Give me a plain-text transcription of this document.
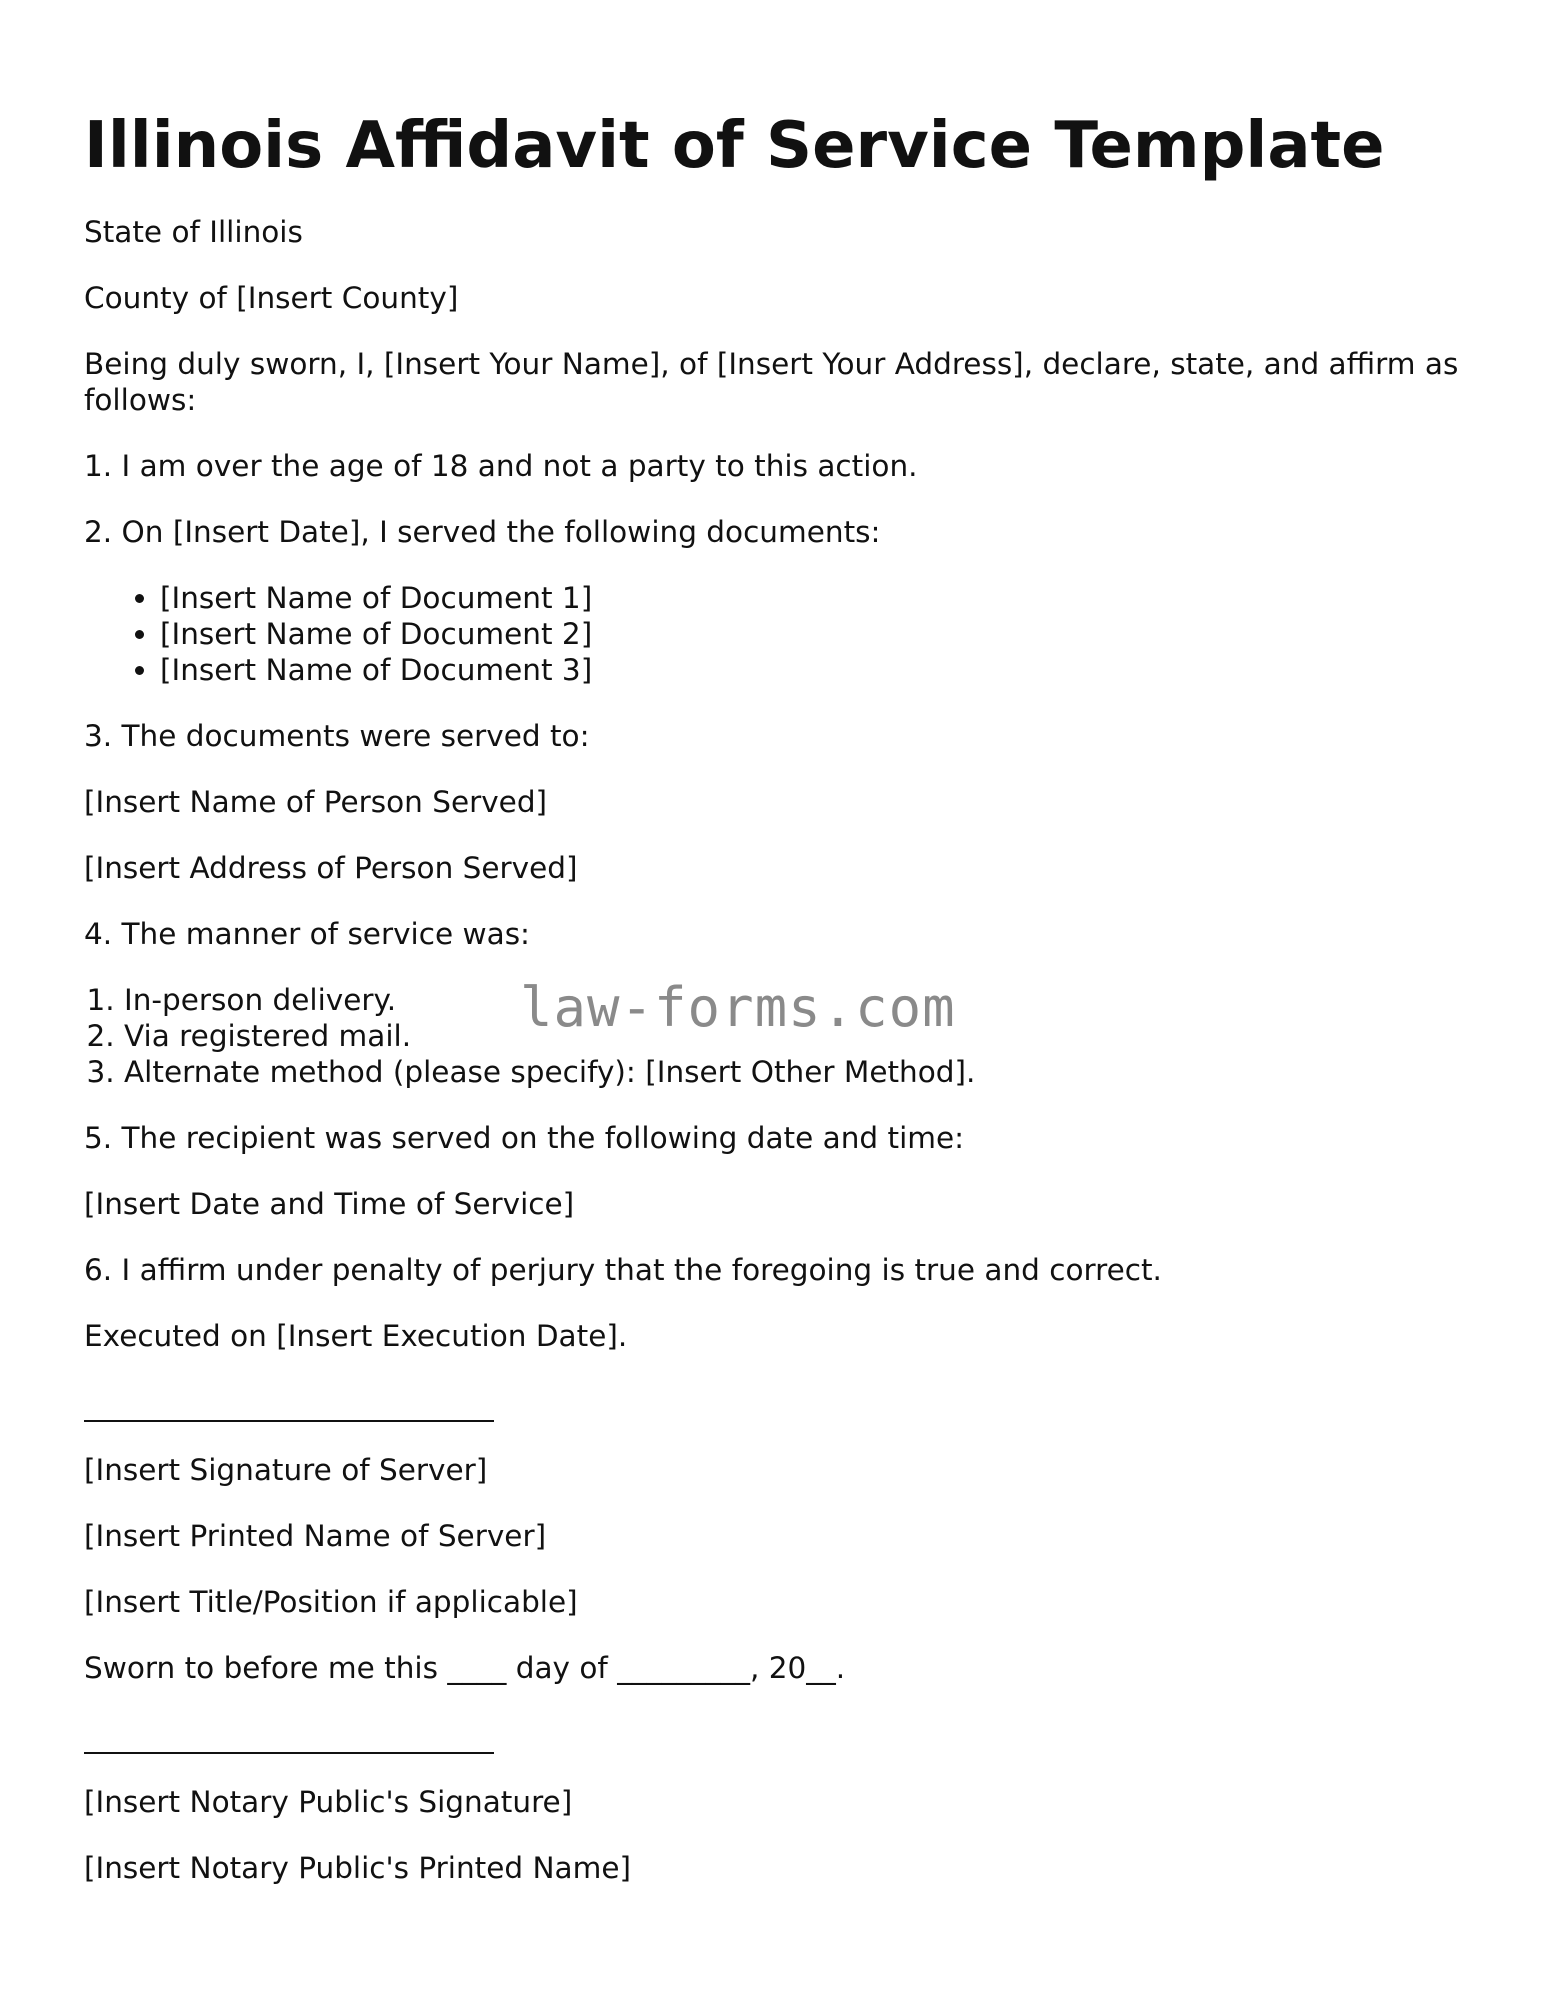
Illinois Affidavit of Service Template

State of Illinois

County of [Insert County]

Being duly sworn, I, [Insert Your Name], of [Insert Your Address], declare, state, and affirm as follows:

1. I am over the age of 18 and not a party to this action.

2. On [Insert Date], I served the following documents:

• [Insert Name of Document 1]
• [Insert Name of Document 2]
• [Insert Name of Document 3]

3. The documents were served to:

[Insert Name of Person Served]

[Insert Address of Person Served]

4. The manner of service was:

1. In-person delivery.
2. Via registered mail.
3. Alternate method (please specify): [Insert Other Method].

5. The recipient was served on the following date and time:

[Insert Date and Time of Service]

6. I affirm under penalty of perjury that the foregoing is true and correct.

Executed on [Insert Execution Date].

[Insert Signature of Server]

[Insert Printed Name of Server]

[Insert Title/Position if applicable]

Sworn to before me this ____ day of _________, 20__.

[Insert Notary Public's Signature]

[Insert Notary Public's Printed Name]

law-forms.com
